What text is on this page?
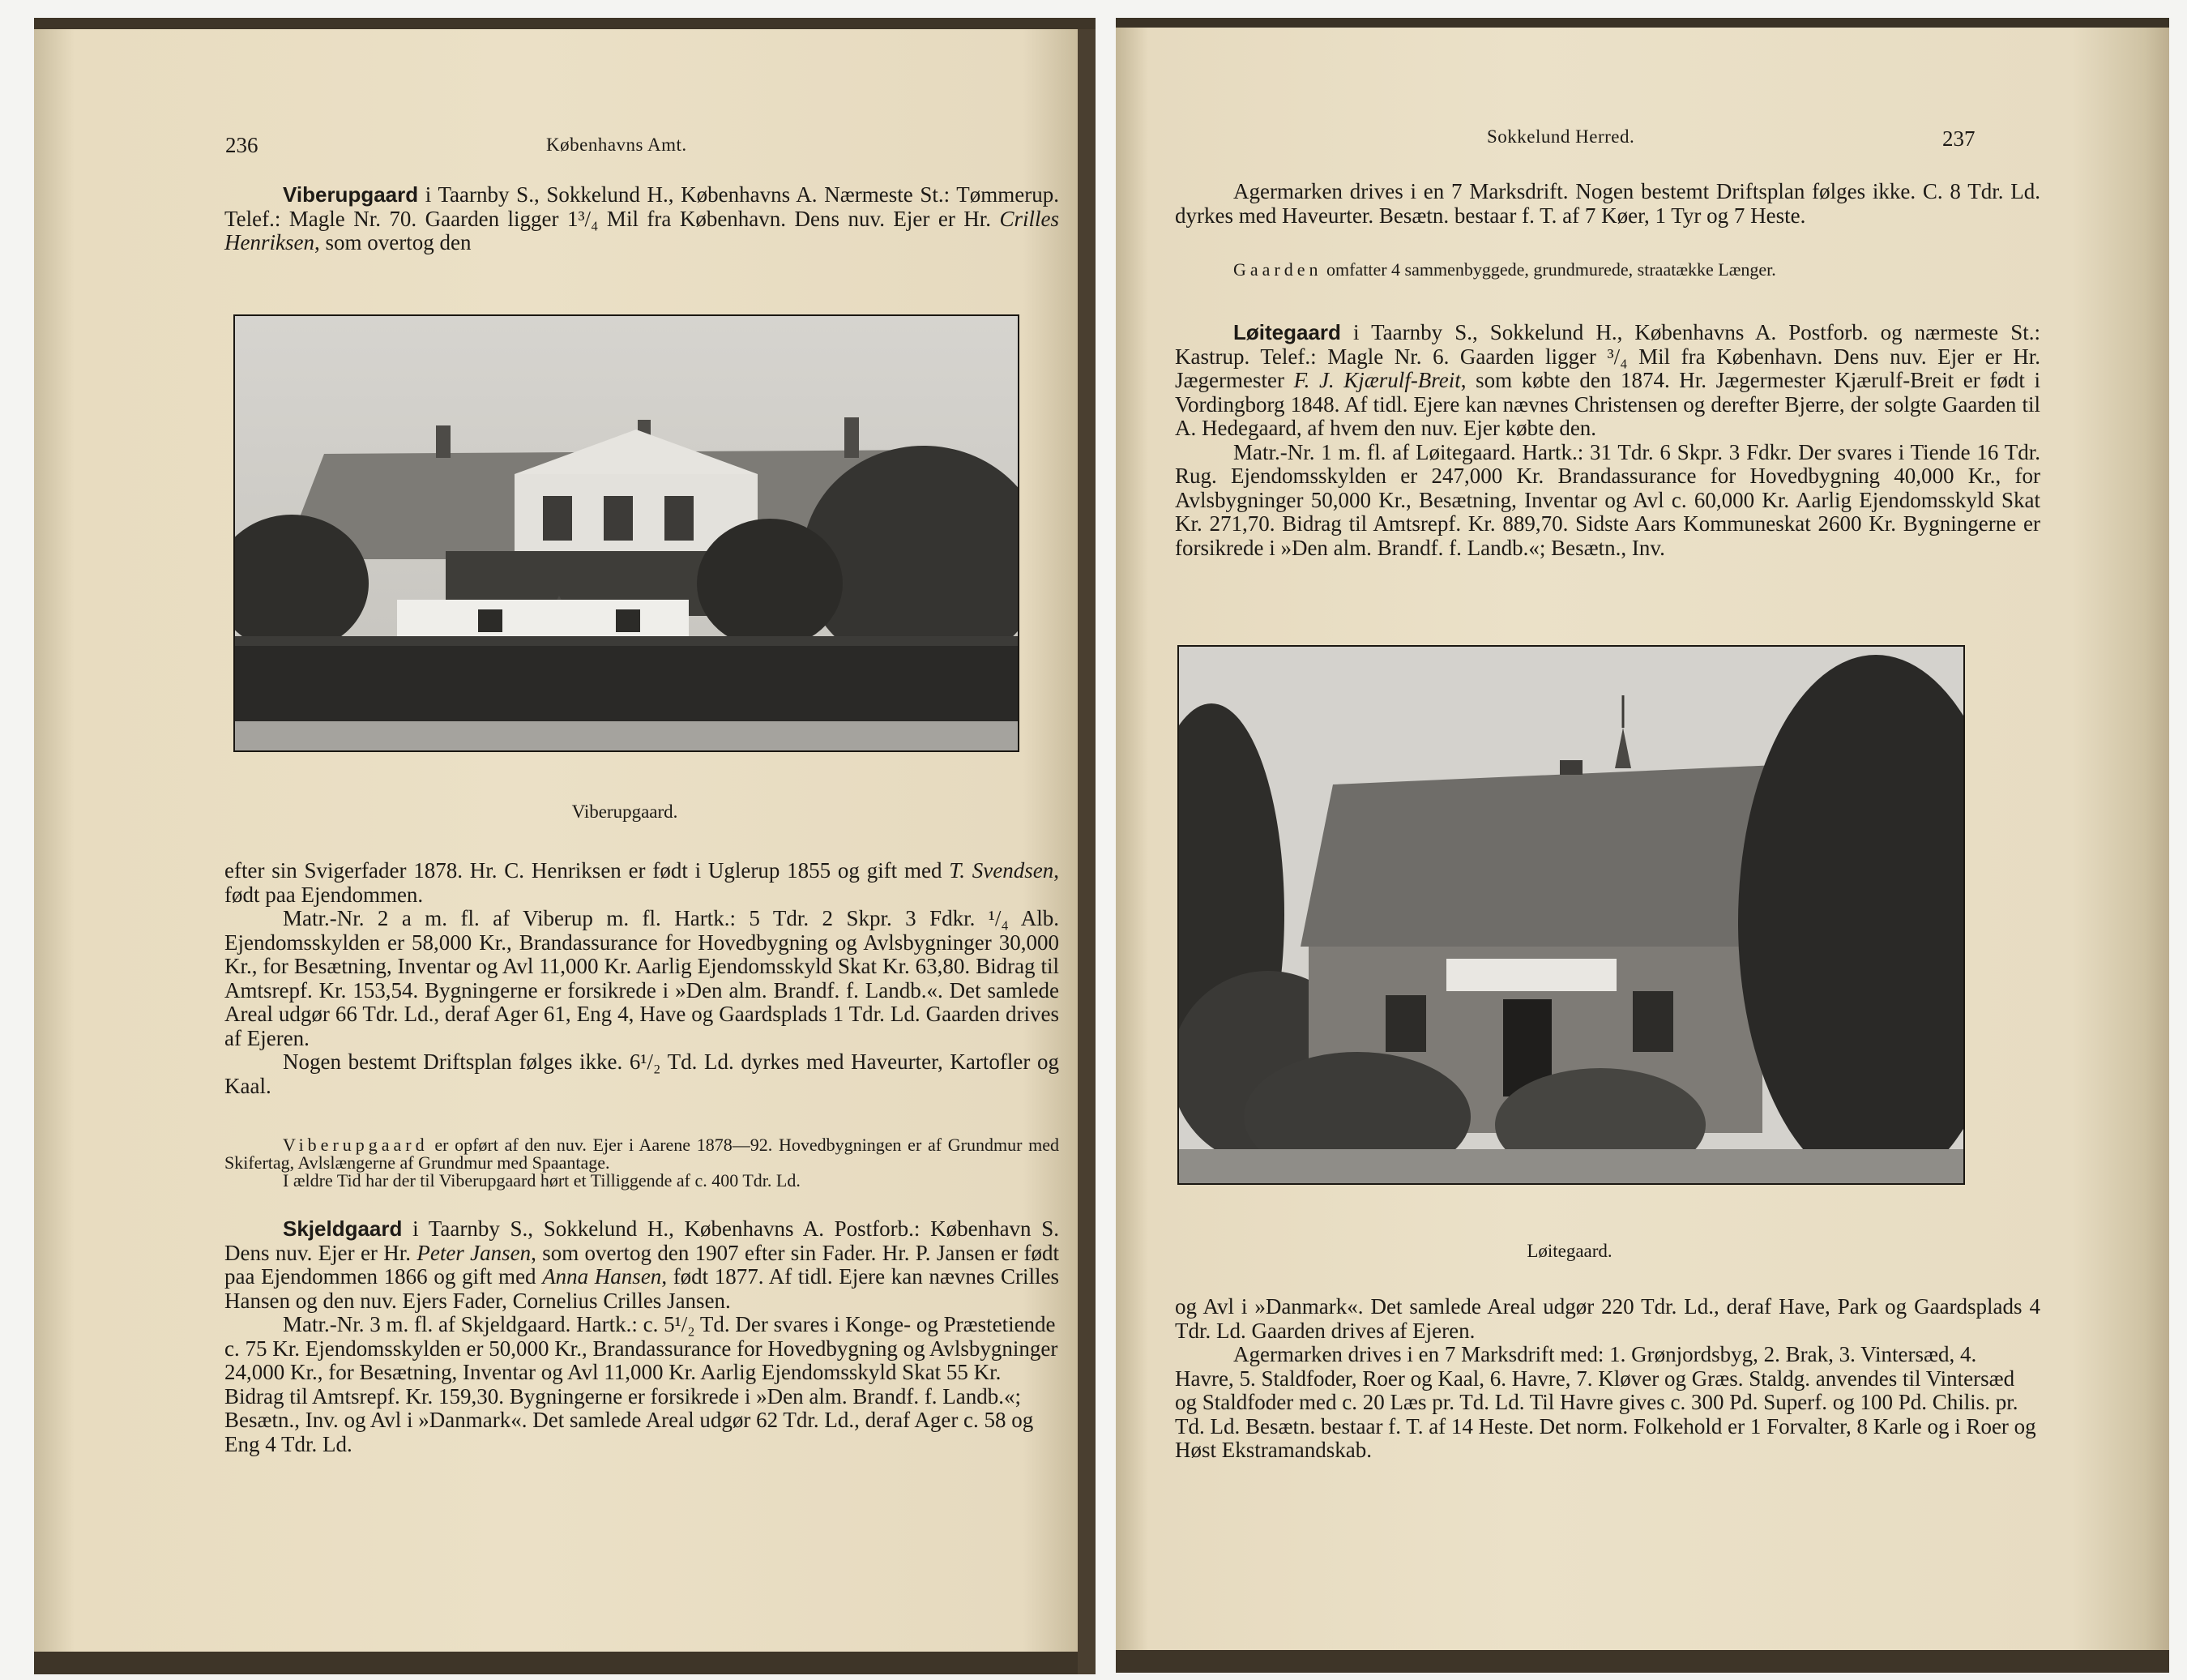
236	Københavns Amt.

Viberupgaard i Taarnby S., Sokkelund H., Københavns A. Nærmeste St.: Tømmerup. Telef.: Magle Nr. 70. Gaarden ligger 1³/₄ Mil fra København. Dens nuv. Ejer er Hr. Crilles Henriksen, som overtog den

Viberupgaard.

efter sin Svigerfader 1878. Hr. C. Henriksen er født i Uglerup 1855 og gift med T. Svendsen, født paa Ejendommen.

Matr.-Nr. 2 a m. fl. af Viberup m. fl. Hartk.: 5 Tdr. 2 Skpr. 3 Fdkr. ¹/₄ Alb. Ejendomsskylden er 58,000 Kr., Brandassurance for Hovedbygning og Avlsbygninger 30,000 Kr., for Besætning, Inventar og Avl 11,000 Kr. Aarlig Ejendomsskyld Skat Kr. 63,80. Bidrag til Amtsrepf. Kr. 153,54. Bygningerne er forsikrede i »Den alm. Brandf. f. Landb.«. Det samlede Areal udgør 66 Tdr. Ld., deraf Ager 61, Eng 4, Have og Gaardsplads 1 Tdr. Ld. Gaarden drives af Ejeren.

Nogen bestemt Driftsplan følges ikke. 6¹/₂ Td. Ld. dyrkes med Haveurter, Kartofler og Kaal.

Viberupgaard er opført af den nuv. Ejer i Aarene 1878—92. Hovedbygningen er af Grundmur med Skifertag, Avlslængerne af Grundmur med Spaantage.

I ældre Tid har der til Viberupgaard hørt et Tilliggende af c. 400 Tdr. Ld.

Skjeldgaard i Taarnby S., Sokkelund H., Københavns A. Postforb.: København S. Dens nuv. Ejer er Hr. Peter Jansen, som overtog den 1907 efter sin Fader. Hr. P. Jansen er født paa Ejendommen 1866 og gift med Anna Hansen, født 1877. Af tidl. Ejere kan nævnes Crilles Hansen og den nuv. Ejers Fader, Cornelius Crilles Jansen.

Matr.-Nr. 3 m. fl. af Skjeldgaard. Hartk.: c. 5¹/₂ Td. Der svares i Konge- og Præstetiende c. 75 Kr. Ejendomsskylden er 50,000 Kr., Brandassurance for Hovedbygning og Avlsbygninger 24,000 Kr., for Besætning, Inventar og Avl 11,000 Kr. Aarlig Ejendomsskyld Skat 55 Kr. Bidrag til Amtsrepf. Kr. 159,30. Bygningerne er forsikrede i »Den alm. Brandf. f. Landb.«; Besætn., Inv. og Avl i »Danmark«. Det samlede Areal udgør 62 Tdr. Ld., deraf Ager c. 58 og Eng 4 Tdr. Ld.

Sokkelund Herred.	237

Agermarken drives i en 7 Marksdrift. Nogen bestemt Driftsplan følges ikke. C. 8 Tdr. Ld. dyrkes med Haveurter. Besætn. bestaar f. T. af 7 Køer, 1 Tyr og 7 Heste.

Gaarden omfatter 4 sammenbyggede, grundmurede, straatække Længer.

Løitegaard i Taarnby S., Sokkelund H., Københavns A. Postforb. og nærmeste St.: Kastrup. Telef.: Magle Nr. 6. Gaarden ligger ³/₄ Mil fra København. Dens nuv. Ejer er Hr. Jægermester F. J. Kjærulf-Breit, som købte den 1874. Hr. Jægermester Kjærulf-Breit er født i Vordingborg 1848. Af tidl. Ejere kan nævnes Christensen og derefter Bjerre, der solgte Gaarden til A. Hedegaard, af hvem den nuv. Ejer købte den.

Matr.-Nr. 1 m. fl. af Løitegaard. Hartk.: 31 Tdr. 6 Skpr. 3 Fdkr. Der svares i Tiende 16 Tdr. Rug. Ejendomsskylden er 247,000 Kr. Brandassurance for Hovedbygning 40,000 Kr., for Avlsbygninger 50,000 Kr., Besætning, Inventar og Avl c. 60,000 Kr. Aarlig Ejendomsskyld Skat Kr. 271,70. Bidrag til Amtsrepf. Kr. 889,70. Sidste Aars Kommuneskat 2600 Kr. Bygningerne er forsikrede i »Den alm. Brandf. f. Landb.«; Besætn., Inv.

Løitegaard.

og Avl i »Danmark«. Det samlede Areal udgør 220 Tdr. Ld., deraf Have, Park og Gaardsplads 4 Tdr. Ld. Gaarden drives af Ejeren.

Agermarken drives i en 7 Marksdrift med: 1. Grønjordsbyg, 2. Brak, 3. Vintersæd, 4. Havre, 5. Staldfoder, Roer og Kaal, 6. Havre, 7. Kløver og Græs. Staldg. anvendes til Vintersæd og Staldfoder med c. 20 Læs pr. Td. Ld. Til Havre gives c. 300 Pd. Superf. og 100 Pd. Chilis. pr. Td. Ld. Besætn. bestaar f. T. af 14 Heste. Det norm. Folkehold er 1 Forvalter, 8 Karle og i Roer og Høst Ekstramandskab.
